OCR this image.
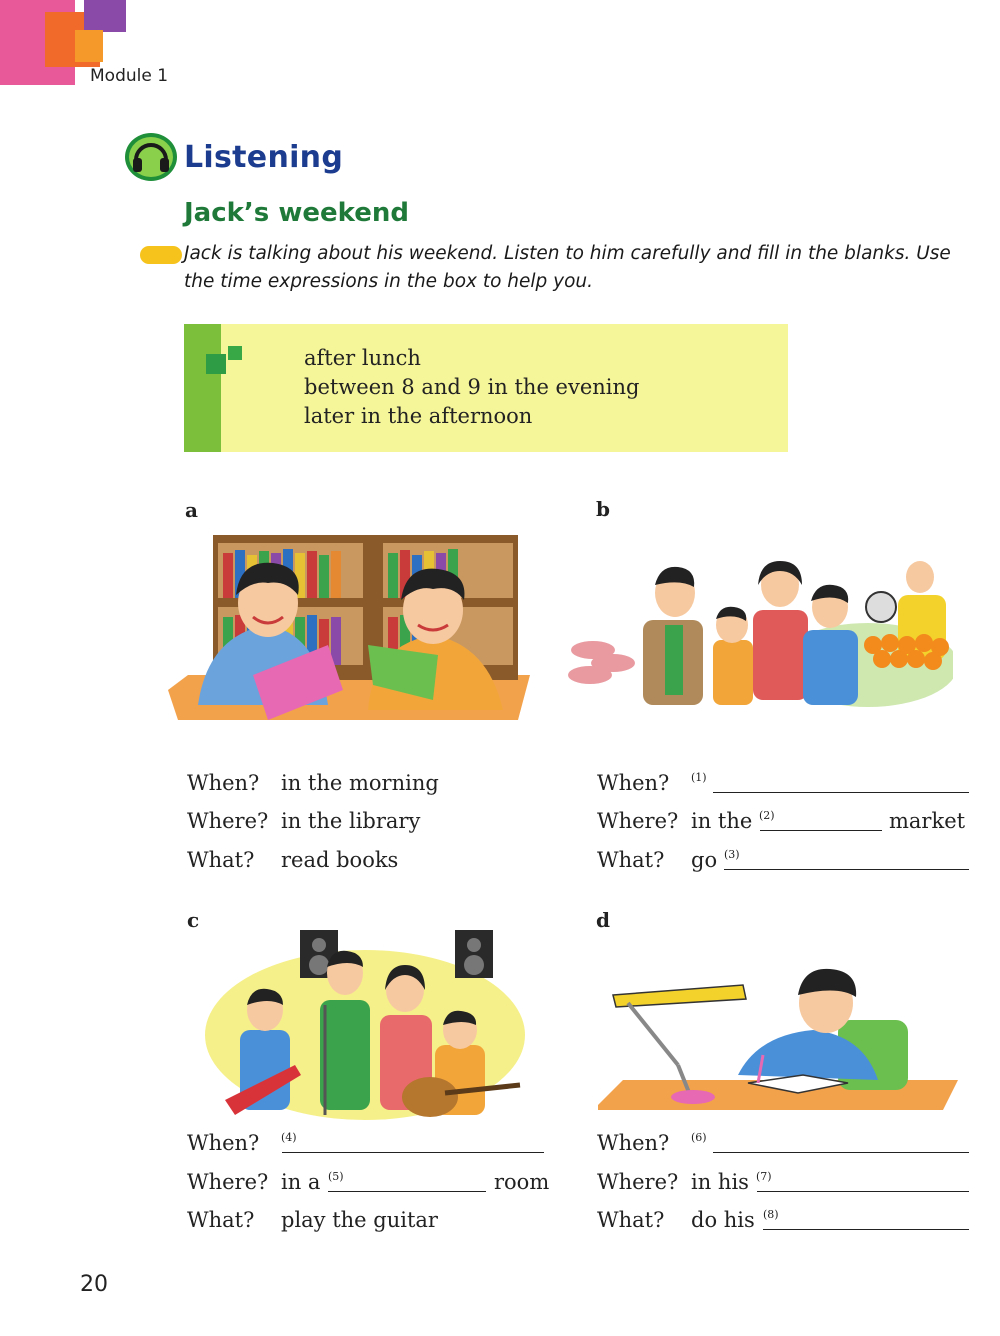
Module 1
Listening
Jack’s weekend
Jack is talking about his weekend. Listen to him carefully and fill in the blanks. Use the time expressions in the box to help you.
after lunch
between 8 and 9 in the evening
later in the afternoon
a
When? in the morning
Where? in the library
What? read books
b
When? (1)
Where? in the (2)	market
What? go (3)
c
When? (4)
Where? in a (5)	room
What? play the guitar
d
When? (6)
Where? in his (7)
What? do his (8)
20
